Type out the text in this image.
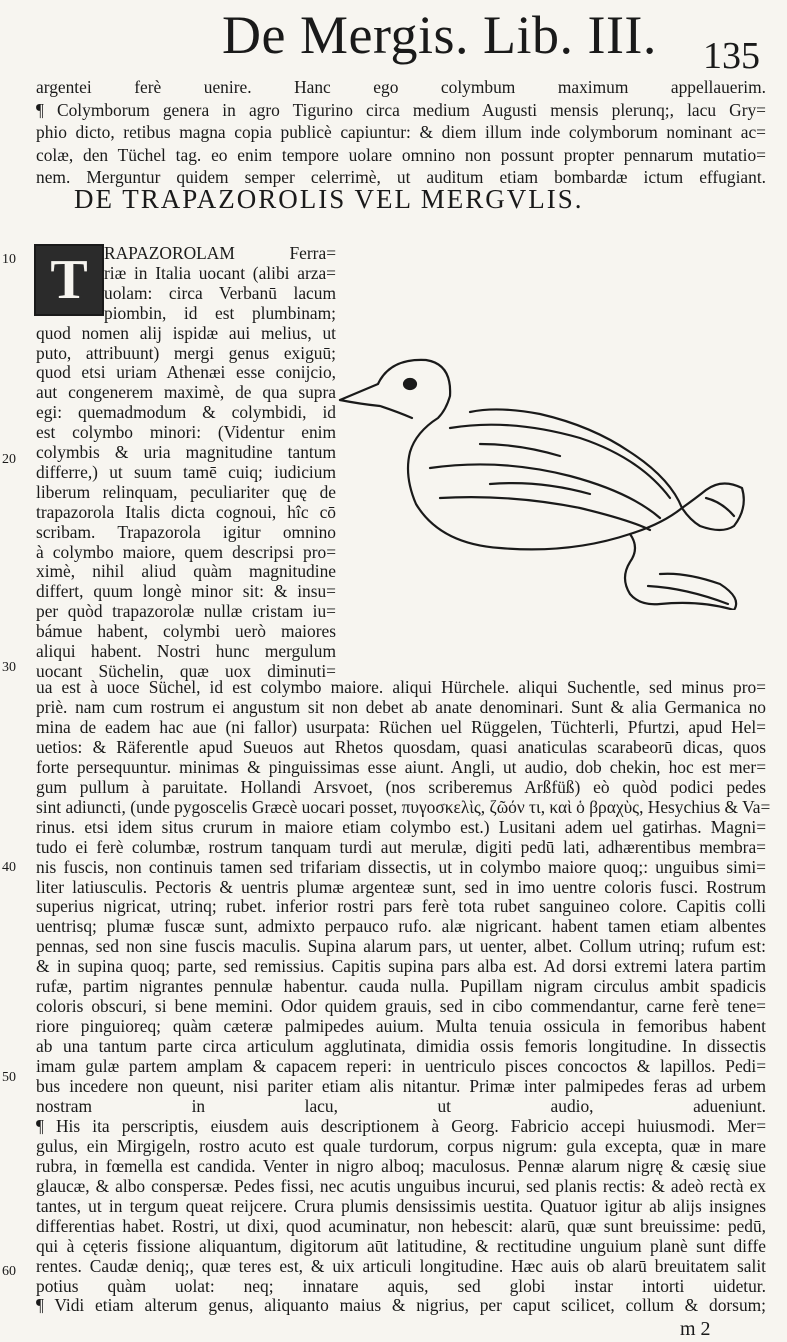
De Mergis. Lib. III. 135
argentei ferè uenire. Hanc ego colymbum maximum appellauerim.
¶ Colymborum genera in agro Tigurino circa medium Augusti mensis plerunq;, lacu Gry=
phio dicto, retibus magna copia publicè capiuntur: & diem illum inde colymborum nominant ac=
colæ, den Tüchel tag. eo enim tempore uolare omnino non possunt propter pennarum mutatio=
nem. Merguntur quidem semper celerrimè, ut auditum etiam bombardæ ictum effugiant.
DE TRAPAZOROLIS VEL MERGVLIS.
T
10
20
30
40
50
60
RAPAZOROLAM Ferra=
riæ in Italia uocant (alibi arza=
uolam: circa Verbanū lacum
piombin, id est plumbinam;
quod nomen alij ispidæ aui melius, ut
puto, attribuunt) mergi genus exiguū;
quod etsi uriam Athenæi esse conijcio,
aut congenerem maximè, de qua supra
egi: quemadmodum & colymbidi, id
est colymbo minori: (Videntur enim
colymbis & uria magnitudine tantum
differre,) ut suum tamē cuiq; iudicium
liberum relinquam, peculiariter quę de
trapazorola Italis dicta cognoui, hîc cō
scribam. Trapazorola igitur omnino
à colymbo maiore, quem descripsi pro=
ximè, nihil aliud quàm magnitudine
differt, quum longè minor sit: & insu=
per quòd trapazorolæ nullæ cristam iu=
bámue habent, colymbi uerò maiores
aliqui habent. Nostri hunc mergulum
uocant Süchelin, quæ uox diminuti=
ua est à uoce Süchel, id est colymbo maiore. aliqui Hürchele. aliqui Suchentle, sed minus pro=
priè. nam cum rostrum ei angustum sit non debet ab anate denominari. Sunt & alia Germanica no
mina de eadem hac aue (ni fallor) usurpata: Rüchen uel Rüggelen, Tüchterli, Pfurtzi, apud Hel=
uetios: & Räferentle apud Sueuos aut Rhetos quosdam, quasi anaticulas scarabeorū dicas, quos
forte persequuntur. minimas & pinguissimas esse aiunt. Angli, ut audio, dob chekin, hoc est mer=
gum pullum à paruitate. Hollandi Arsvoet, (nos scriberemus Arßfüß) eò quòd podici pedes
sint adiuncti, (unde pygoscelis Græcè uocari posset, πυγοσκελὶς, ζῶόν τι, καὶ ὁ βραχὺς, Hesychius & Va=
rinus. etsi idem situs crurum in maiore etiam colymbo est.) Lusitani adem uel gatirhas. Magni=
tudo ei ferè columbæ, rostrum tanquam turdi aut merulæ, digiti pedū lati, adhærentibus membra=
nis fuscis, non continuis tamen sed trifariam dissectis, ut in colymbo maiore quoq;: unguibus simi=
liter latiusculis. Pectoris & uentris plumæ argenteæ sunt, sed in imo uentre coloris fusci. Rostrum
superius nigricat, utrinq; rubet. inferior rostri pars ferè tota rubet sanguineo colore. Capitis colli
uentrisq; plumæ fuscæ sunt, admixto perpauco rufo. alæ nigricant. habent tamen etiam albentes
pennas, sed non sine fuscis maculis. Supina alarum pars, ut uenter, albet. Collum utrinq; rufum est:
& in supina quoq; parte, sed remissius. Capitis supina pars alba est. Ad dorsi extremi latera partim
rufæ, partim nigrantes pennulæ habentur. cauda nulla. Pupillam nigram circulus ambit spadicis
coloris obscuri, si bene memini. Odor quidem grauis, sed in cibo commendantur, carne ferè tene=
riore pinguioreq; quàm cæteræ palmipedes auium. Multa tenuia ossicula in femoribus habent
ab una tantum parte circa articulum agglutinata, dimidia ossis femoris longitudine. In dissectis
imam gulæ partem amplam & capacem reperi: in uentriculo pisces concoctos & lapillos. Pedi=
bus incedere non queunt, nisi pariter etiam alis nitantur. Primæ inter palmipedes feras ad urbem
nostram in lacu, ut audio, adueniunt.
¶ His ita perscriptis, eiusdem auis descriptionem à Georg. Fabricio accepi huiusmodi. Mer=
gulus, ein Mirgigeln, rostro acuto est quale turdorum, corpus nigrum: gula excepta, quæ in mare
rubra, in fœmella est candida. Venter in nigro alboq; maculosus. Pennæ alarum nigrę & cæsię siue
glaucæ, & albo conspersæ. Pedes fissi, nec acutis unguibus incurui, sed planis rectis: & adeò rectà ex
tantes, ut in tergum queat reijcere. Crura plumis densissimis uestita. Quatuor igitur ab alijs insignes
differentias habet. Rostri, ut dixi, quod acuminatur, non hebescit: alarū, quæ sunt breuissime: pedū,
qui à cęteris fissione aliquantum, digitorum aūt latitudine, & rectitudine unguium planè sunt diffe
rentes. Caudæ deniq;, quæ teres est, & uix articuli longitudine. Hæc auis ob alarū breuitatem salit
potius quàm uolat: neq; innatare aquis, sed globi instar intorti uidetur.
¶ Vidi etiam alterum genus, aliquanto maius & nigrius, per caput scilicet, collum & dorsum;
m 2
